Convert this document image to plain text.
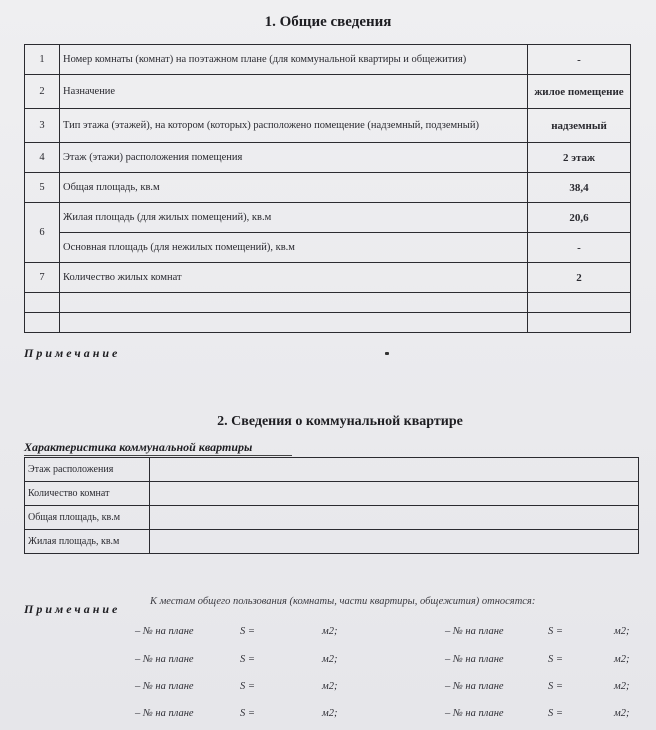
1. Общие сведения
1	Номер комнаты (комнат) на поэтажном плане (для коммунальной квартиры и общежития)	-
2	Назначение	жилое помещение
3	Тип этажа (этажей), на котором (которых) расположено помещение (надземный, подземный)	надземный
4	Этаж (этажи) расположения помещения	2 этаж
5	Общая площадь, кв.м	38,4
6	Жилая площадь (для жилых помещений), кв.м	20,6
	Основная площадь (для нежилых помещений), кв.м	-
7	Количество жилых комнат	2

Примечание
2. Сведения о коммунальной квартире
Характеристика коммунальной квартиры
Этаж расположения	
Количество комнат	
Общая площадь, кв.м	
Жилая площадь, кв.м	
Примечание
К местам общего пользования (комнаты, части квартиры, общежития) относятся:
– № на плане	S =	м2;	– № на плане	S =	м2;
– № на плане	S =	м2;	– № на плане	S =	м2;
– № на плане	S =	м2;	– № на плане	S =	м2;
– № на плане	S =	м2;	– № на плане	S =	м2;
